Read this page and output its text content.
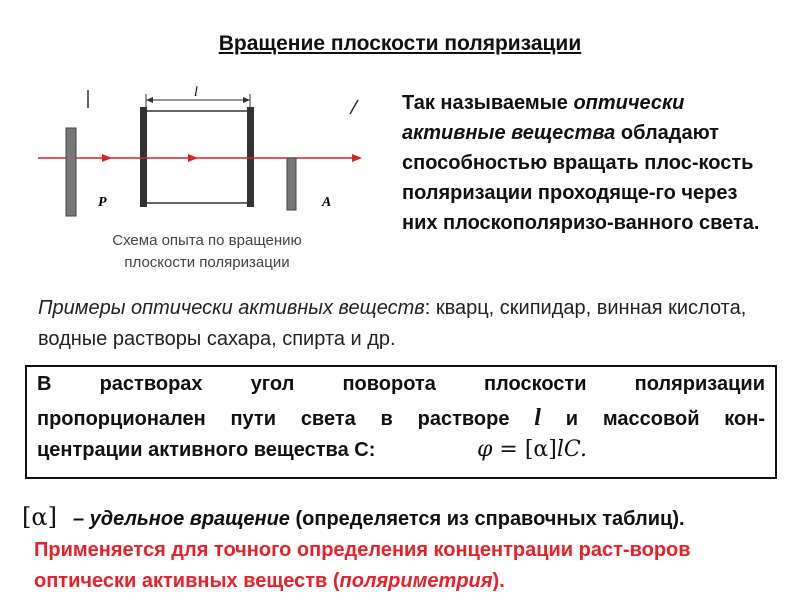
Вращение плоскости поляризации
l
P	A
Схема опыта по вращению
плоскости поляризации
Так называемые оптически активные вещества обладают способностью вращать плос-кость поляризации проходяще-го через них плоскополяризо-ванного света.
Примеры оптически активных веществ: кварц, скипидар, винная кислота, водные растворы сахара, спирта и др.
В растворах угол поворота плоскости поляризации
пропорционален пути света в растворе l и массовой кон-
центрации активного вещества С:	φ = [α]lC.
[α] – удельное вращение (определяется из справочных таблиц).
Применяется для точного определения концентрации раст-воров оптически активных веществ (поляриметрия).
